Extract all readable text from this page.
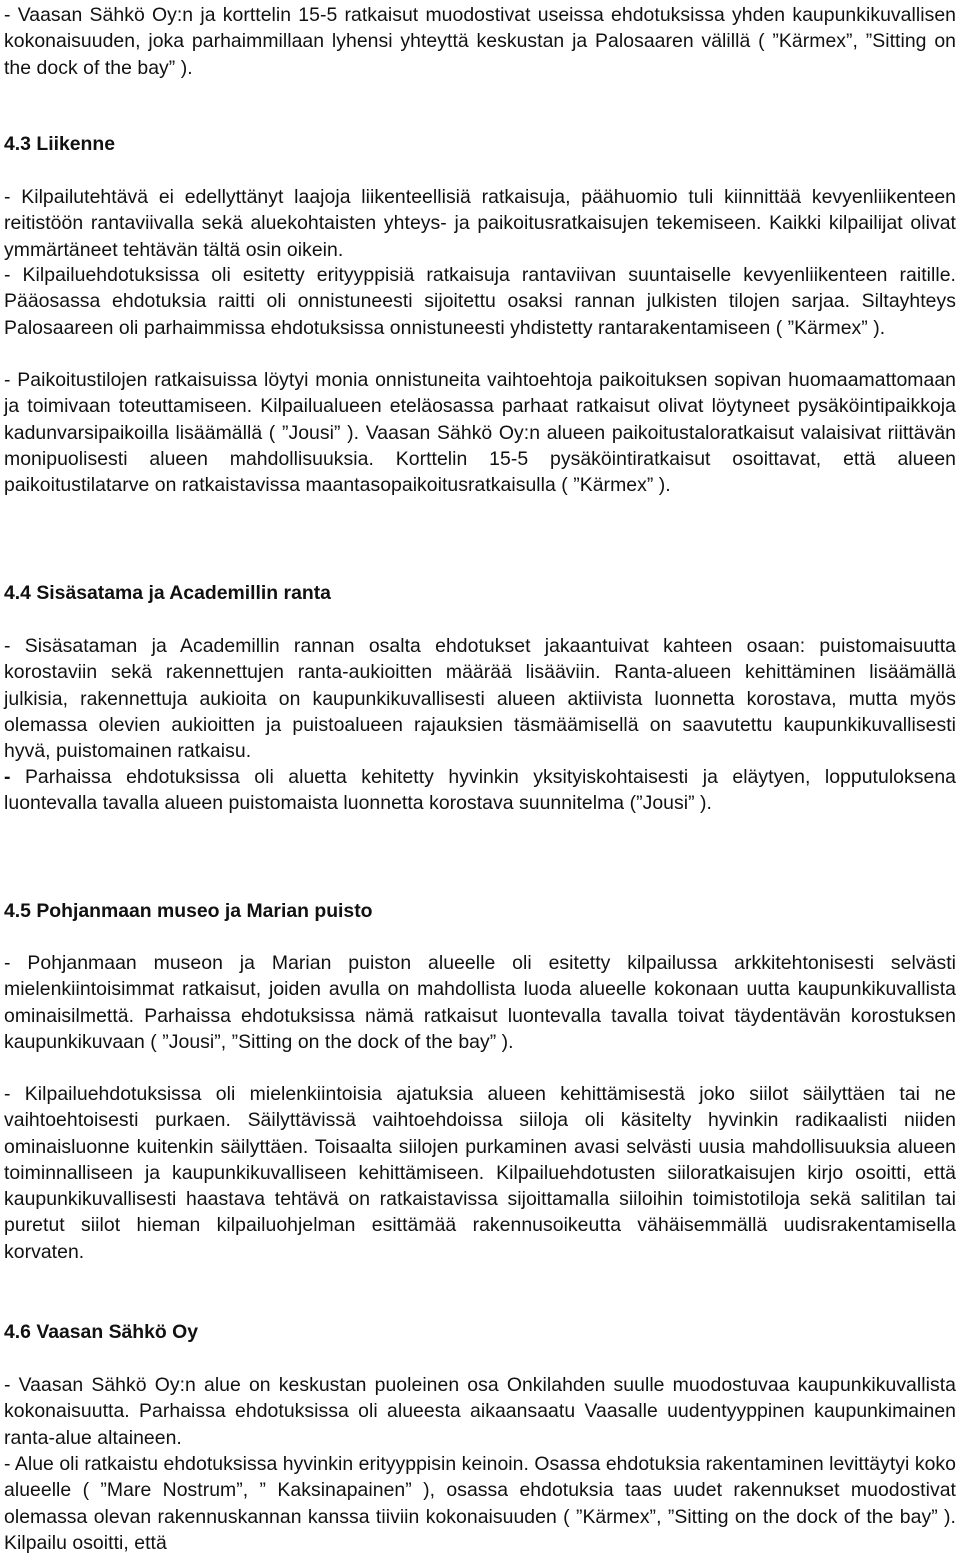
- Vaasan Sähkö Oy:n ja korttelin 15-5 ratkaisut muodostivat useissa ehdotuksissa yhden kaupunkikuvallisen kokonaisuuden, joka parhaimmillaan lyhensi yhteyttä keskustan ja Palosaaren välillä ( ”Kärmex”, ”Sitting on the dock of the bay” ).

4.3 Liikenne

- Kilpailutehtävä ei edellyttänyt laajoja liikenteellisiä ratkaisuja, päähuomio tuli kiinnittää kevyenliikenteen reitistöön rantaviivalla sekä aluekohtaisten yhteys- ja paikoitusratkaisujen tekemiseen. Kaikki kilpailijat olivat ymmärtäneet tehtävän tältä osin oikein.

- Kilpailuehdotuksissa oli esitetty erityyppisiä ratkaisuja rantaviivan suuntaiselle kevyenliikenteen raitille. Pääosassa ehdotuksia raitti oli onnistuneesti sijoitettu osaksi rannan julkisten tilojen sarjaa. Siltayhteys Palosaareen oli parhaimmissa ehdotuksissa onnistuneesti yhdistetty rantarakentamiseen ( ”Kärmex” ).

- Paikoitustilojen ratkaisuissa löytyi monia onnistuneita vaihtoehtoja paikoituksen sopivan huomaamattomaan ja toimivaan toteuttamiseen. Kilpailualueen eteläosassa parhaat ratkaisut olivat löytyneet pysäköintipaikkoja kadunvarsipaikoilla lisäämällä ( ”Jousi” ). Vaasan Sähkö Oy:n alueen paikoitustaloratkaisut valaisivat riittävän monipuolisesti alueen mahdollisuuksia. Korttelin 15-5 pysäköintiratkaisut osoittavat, että alueen paikoitustilatarve on ratkaistavissa maantasopaikoitusratkaisulla ( ”Kärmex” ).

4.4 Sisäsatama ja Academillin ranta

- Sisäsataman ja Academillin rannan osalta ehdotukset jakaantuivat kahteen osaan: puistomaisuutta korostaviin sekä rakennettujen ranta-aukioitten määrää lisääviin. Ranta-alueen kehittäminen lisäämällä julkisia, rakennettuja aukioita on kaupunkikuvallisesti alueen aktiivista luonnetta korostava, mutta myös olemassa olevien aukioitten ja puistoalueen rajauksien täsmäämisellä on saavutettu kaupunkikuvallisesti hyvä, puistomainen ratkaisu.

- Parhaissa ehdotuksissa oli aluetta kehitetty hyvinkin yksityiskohtaisesti ja eläytyen, lopputuloksena luontevalla tavalla alueen puistomaista luonnetta korostava suunnitelma (”Jousi” ).

4.5 Pohjanmaan museo ja Marian puisto

- Pohjanmaan museon ja Marian puiston alueelle oli esitetty kilpailussa arkkitehtonisesti selvästi mielenkiintoisimmat ratkaisut, joiden avulla on mahdollista luoda alueelle kokonaan uutta kaupunkikuvallista ominaisilmettä. Parhaissa ehdotuksissa nämä ratkaisut luontevalla tavalla toivat täydentävän korostuksen kaupunkikuvaan ( ”Jousi”, ”Sitting on the dock of the bay” ).

- Kilpailuehdotuksissa oli mielenkiintoisia ajatuksia alueen kehittämisestä joko siilot säilyttäen tai ne vaihtoehtoisesti purkaen. Säilyttävissä vaihtoehdoissa siiloja oli käsitelty hyvinkin radikaalisti niiden ominaisluonne kuitenkin säilyttäen. Toisaalta siilojen purkaminen avasi selvästi uusia mahdollisuuksia alueen toiminnalliseen ja kaupunkikuvalliseen kehittämiseen. Kilpailuehdotusten siiloratkaisujen kirjo osoitti, että kaupunkikuvallisesti haastava tehtävä on ratkaistavissa sijoittamalla siiloihin toimistotiloja sekä salitilan tai puretut siilot hieman kilpailuohjelman esittämää rakennusoikeutta vähäisemmällä uudisrakentamisella korvaten.

4.6 Vaasan Sähkö Oy

- Vaasan Sähkö Oy:n alue on keskustan puoleinen osa Onkilahden suulle muodostuvaa kaupunkikuvallista kokonaisuutta. Parhaissa ehdotuksissa oli alueesta aikaansaatu Vaasalle uudentyyppinen kaupunkimainen ranta-alue altaineen.

- Alue oli ratkaistu ehdotuksissa hyvinkin erityyppisin keinoin. Osassa ehdotuksia rakentaminen levittäytyi koko alueelle ( ”Mare Nostrum”, ” Kaksinapainen” ), osassa ehdotuksia taas uudet rakennukset muodostivat olemassa olevan rakennuskannan kanssa tiiviin kokonaisuuden ( ”Kärmex”, ”Sitting on the dock of the bay” ). Kilpailu osoitti, että
